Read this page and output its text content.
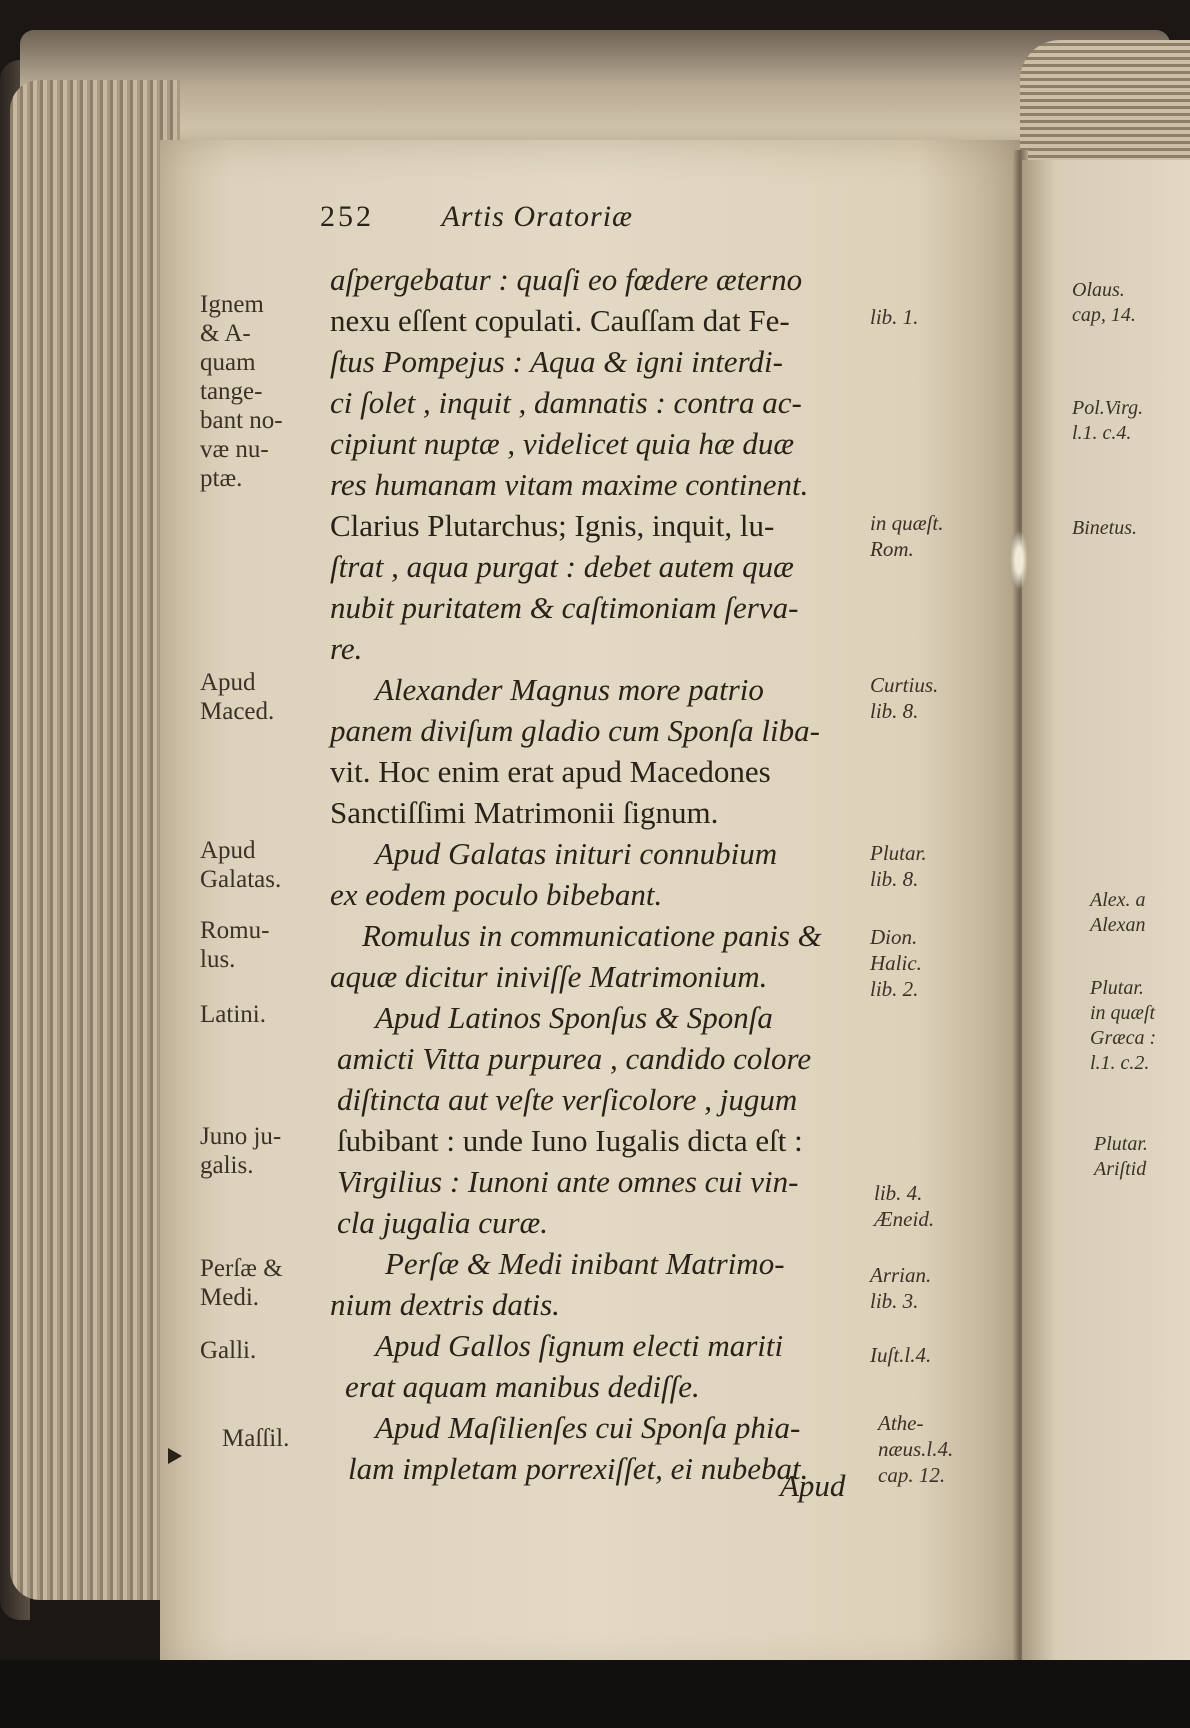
252 Artis Oratoriæ
aſpergebatur : quaſi eo fœdere æterno
nexu eſſent copulati. Cauſſam dat Fe-
ſtus Pompejus : Aqua & igni interdi-
ci ſolet , inquit , damnatis : contra ac-
cipiunt nuptæ , videlicet quia hæ duæ
res humanam vitam maxime continent.
Clarius Plutarchus; Ignis, inquit, lu-
ſtrat , aqua purgat : debet autem quæ
nubit puritatem & caſtimoniam ſerva-
re.
Alexander Magnus more patrio
panem diviſum gladio cum Sponſa liba-
vit. Hoc enim erat apud Macedones
Sanctiſſimi Matrimonii ſignum.
Apud Galatas inituri connubium
ex eodem poculo bibebant.
Romulus in communicatione panis &
aquæ dicitur iniviſſe Matrimonium.
Apud Latinos Sponſus & Sponſa
amicti Vitta purpurea , candido colore
diſtincta aut veſte verſicolore , jugum
ſubibant : unde Iuno Iugalis dicta eſt :
Virgilius : Iunoni ante omnes cui vin-
cla jugalia curæ.
Perſæ & Medi inibant Matrimo-
nium dextris datis.
Apud Gallos ſignum electi mariti
erat aquam manibus dediſſe.
Apud Maſilienſes cui Sponſa phia-
lam impletam porrexiſſet, ei nubebat.
Apud
Ignem
& A-
quam
tange-
bant no-
væ nu-
ptæ.
Apud
Maced.
Apud
Galatas.
Romu-
lus.
Latini.
Juno ju-
galis.
Perſæ &
Medi.
Galli.
Maſſil.
lib. 1.
in quæſt.
Rom.
Curtius.
lib. 8.
Plutar.
lib. 8.
Dion.
Halic.
lib. 2.
lib. 4.
Æneid.
Arrian.
lib. 3.
Iuſt.l.4.
Athe-
næus.l.4.
cap. 12.
Olaus.
cap, 14.
Pol.Virg.
l.1. c.4.
Binetus.
Alex. a
Alexan
Plutar.
in quæſt
Græca :
l.1. c.2.
Plutar.
Ariſtid
